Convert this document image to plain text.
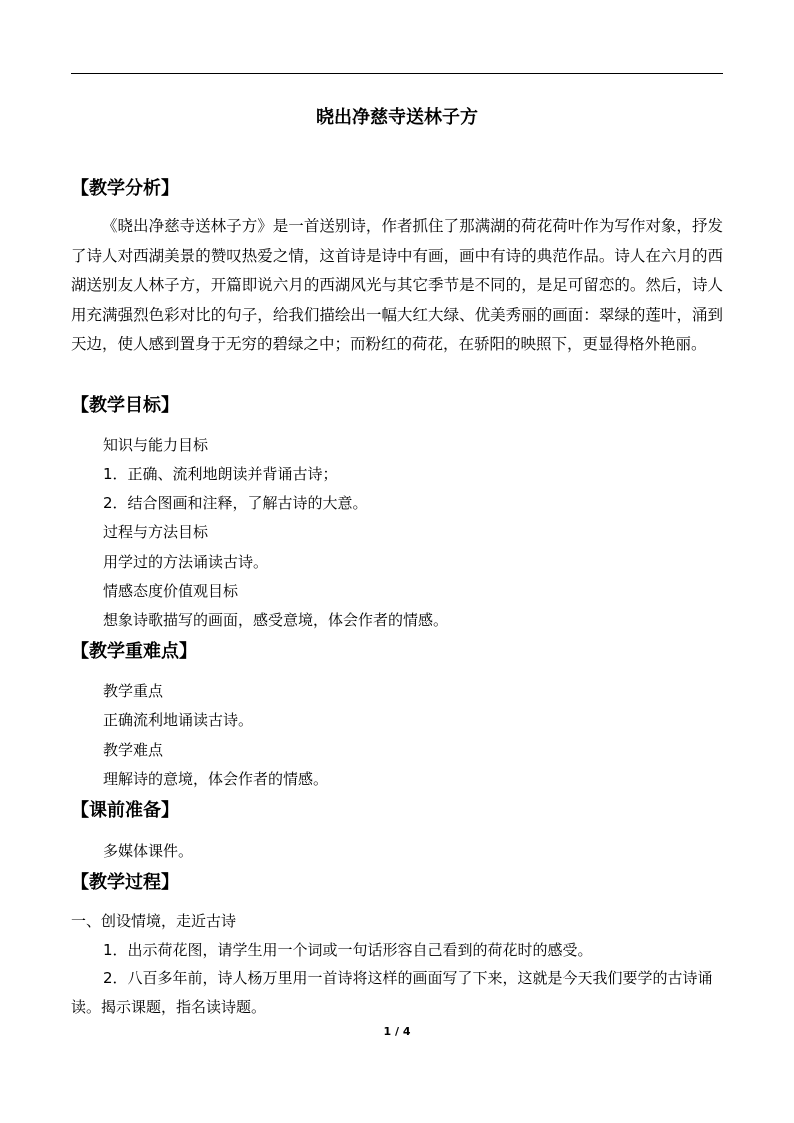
晓出净慈寺送林子方
【教学分析】
《晓出净慈寺送林子方》是一首送别诗，作者抓住了那满湖的荷花荷叶作为写作对象，抒发了诗人对西湖美景的赞叹热爱之情，这首诗是诗中有画，画中有诗的典范作品。诗人在六月的西湖送别友人林子方，开篇即说六月的西湖风光与其它季节是不同的，是足可留恋的。然后，诗人用充满强烈色彩对比的句子，给我们描绘出一幅大红大绿、优美秀丽的画面：翠绿的莲叶，涌到天边，使人感到置身于无穷的碧绿之中；而粉红的荷花，在骄阳的映照下，更显得格外艳丽。
【教学目标】
知识与能力目标
1．正确、流利地朗读并背诵古诗；
2．结合图画和注释，了解古诗的大意。
过程与方法目标
用学过的方法诵读古诗。
情感态度价值观目标
想象诗歌描写的画面，感受意境，体会作者的情感。
【教学重难点】
教学重点
正确流利地诵读古诗。
教学难点
理解诗的意境，体会作者的情感。
【课前准备】
多媒体课件。
【教学过程】
一、创设情境，走近古诗
1．出示荷花图，请学生用一个词或一句话形容自己看到的荷花时的感受。
2．八百多年前，诗人杨万里用一首诗将这样的画面写了下来，这就是今天我们要学的古诗诵读。揭示课题，指名读诗题。
1 / 4
